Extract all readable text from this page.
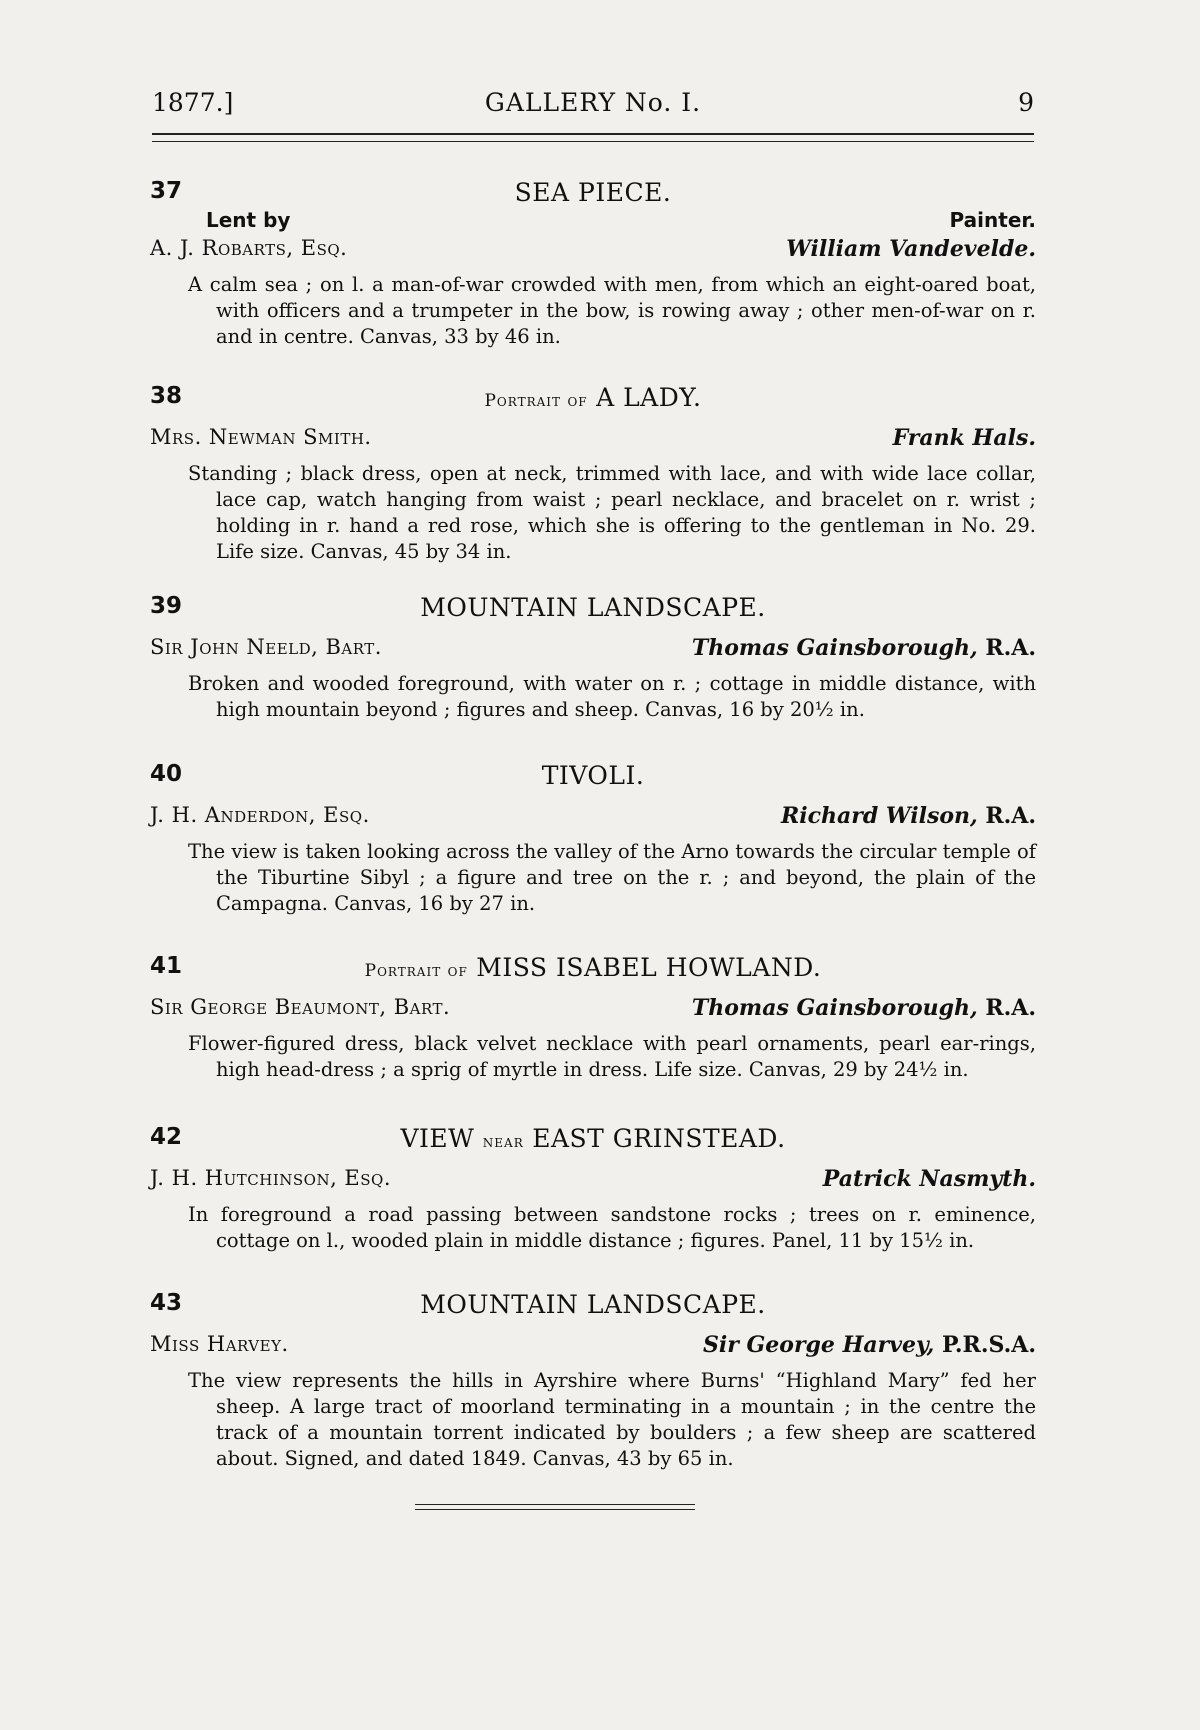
1877.]	GALLERY No. I.	9
37	SEA PIECE.
Lent by	Painter.
A. J. Robarts, Esq.	William Vandevelde.
A calm sea ; on l. a man-of-war crowded with men, from which an eight-oared boat, with officers and a trumpeter in the bow, is rowing away ; other men-of-war on r. and in centre. Canvas, 33 by 46 in.
38	Portrait of A LADY.
Mrs. Newman Smith.	Frank Hals.
Standing ; black dress, open at neck, trimmed with lace, and with wide lace collar, lace cap, watch hanging from waist ; pearl necklace, and bracelet on r. wrist ; holding in r. hand a red rose, which she is offering to the gentleman in No. 29. Life size. Canvas, 45 by 34 in.
39	MOUNTAIN LANDSCAPE.
Sir John Neeld, Bart.	Thomas Gainsborough, R.A.
Broken and wooded foreground, with water on r. ; cottage in middle distance, with high mountain beyond ; figures and sheep. Canvas, 16 by 20½ in.
40	TIVOLI.
J. H. Anderdon, Esq.	Richard Wilson, R.A.
The view is taken looking across the valley of the Arno towards the circular temple of the Tiburtine Sibyl ; a figure and tree on the r. ; and beyond, the plain of the Campagna. Canvas, 16 by 27 in.
41	Portrait of MISS ISABEL HOWLAND.
Sir George Beaumont, Bart.	Thomas Gainsborough, R.A.
Flower-figured dress, black velvet necklace with pearl ornaments, pearl ear-rings, high head-dress ; a sprig of myrtle in dress. Life size. Canvas, 29 by 24½ in.
42	VIEW near EAST GRINSTEAD.
J. H. Hutchinson, Esq.	Patrick Nasmyth.
In foreground a road passing between sandstone rocks ; trees on r. eminence, cottage on l., wooded plain in middle distance ; figures. Panel, 11 by 15½ in.
43	MOUNTAIN LANDSCAPE.
Miss Harvey.	Sir George Harvey, P.R.S.A.
The view represents the hills in Ayrshire where Burns' “Highland Mary” fed her sheep. A large tract of moorland terminating in a mountain ; in the centre the track of a mountain torrent indicated by boulders ; a few sheep are scattered about. Signed, and dated 1849. Canvas, 43 by 65 in.
